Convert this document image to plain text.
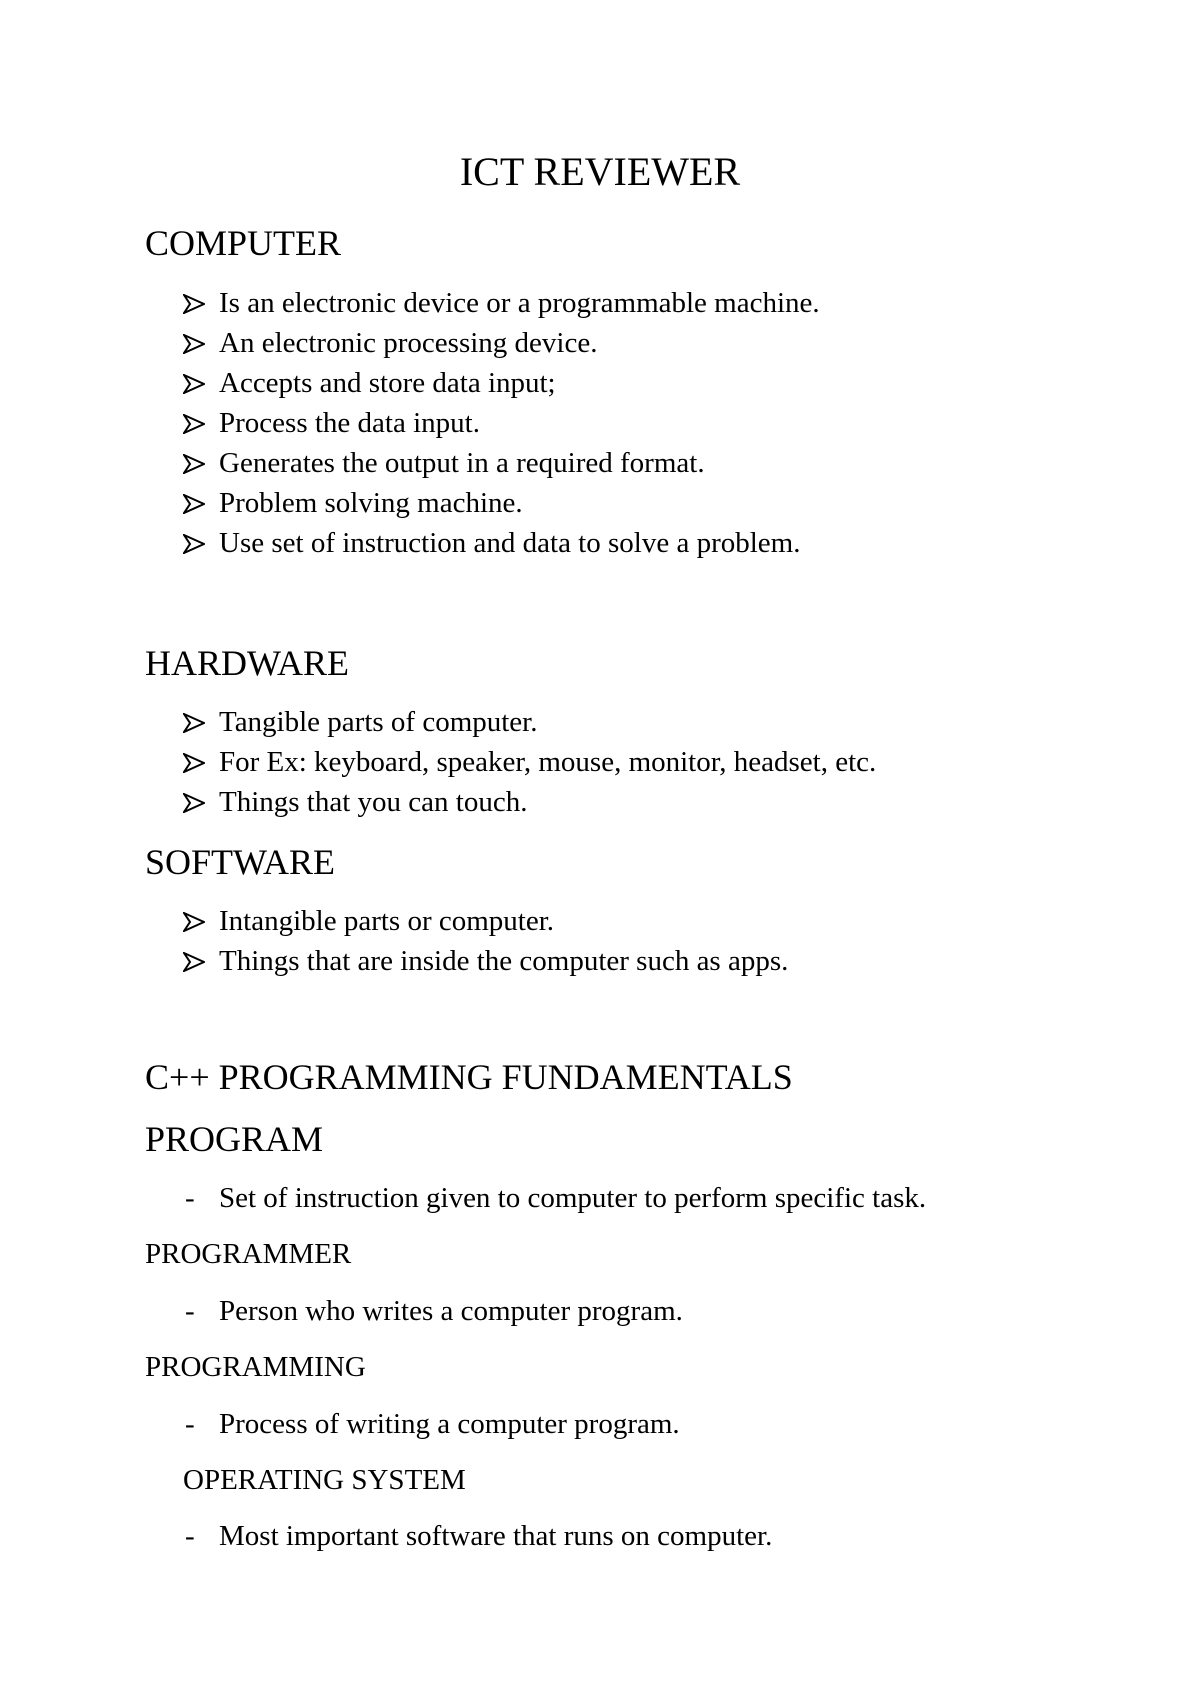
ICT REVIEWER
COMPUTER
Is an electronic device or a programmable machine.
An electronic processing device.
Accepts and store data input;
Process the data input.
Generates the output in a required format.
Problem solving machine.
Use set of instruction and data to solve a problem.
HARDWARE
Tangible parts of computer.
For Ex: keyboard, speaker, mouse, monitor, headset, etc.
Things that you can touch.
SOFTWARE
Intangible parts or computer.
Things that are inside the computer such as apps.
C++ PROGRAMMING FUNDAMENTALS
PROGRAM
- Set of instruction given to computer to perform specific task.
PROGRAMMER
- Person who writes a computer program.
PROGRAMMING
- Process of writing a computer program.
OPERATING SYSTEM
- Most important software that runs on computer.
